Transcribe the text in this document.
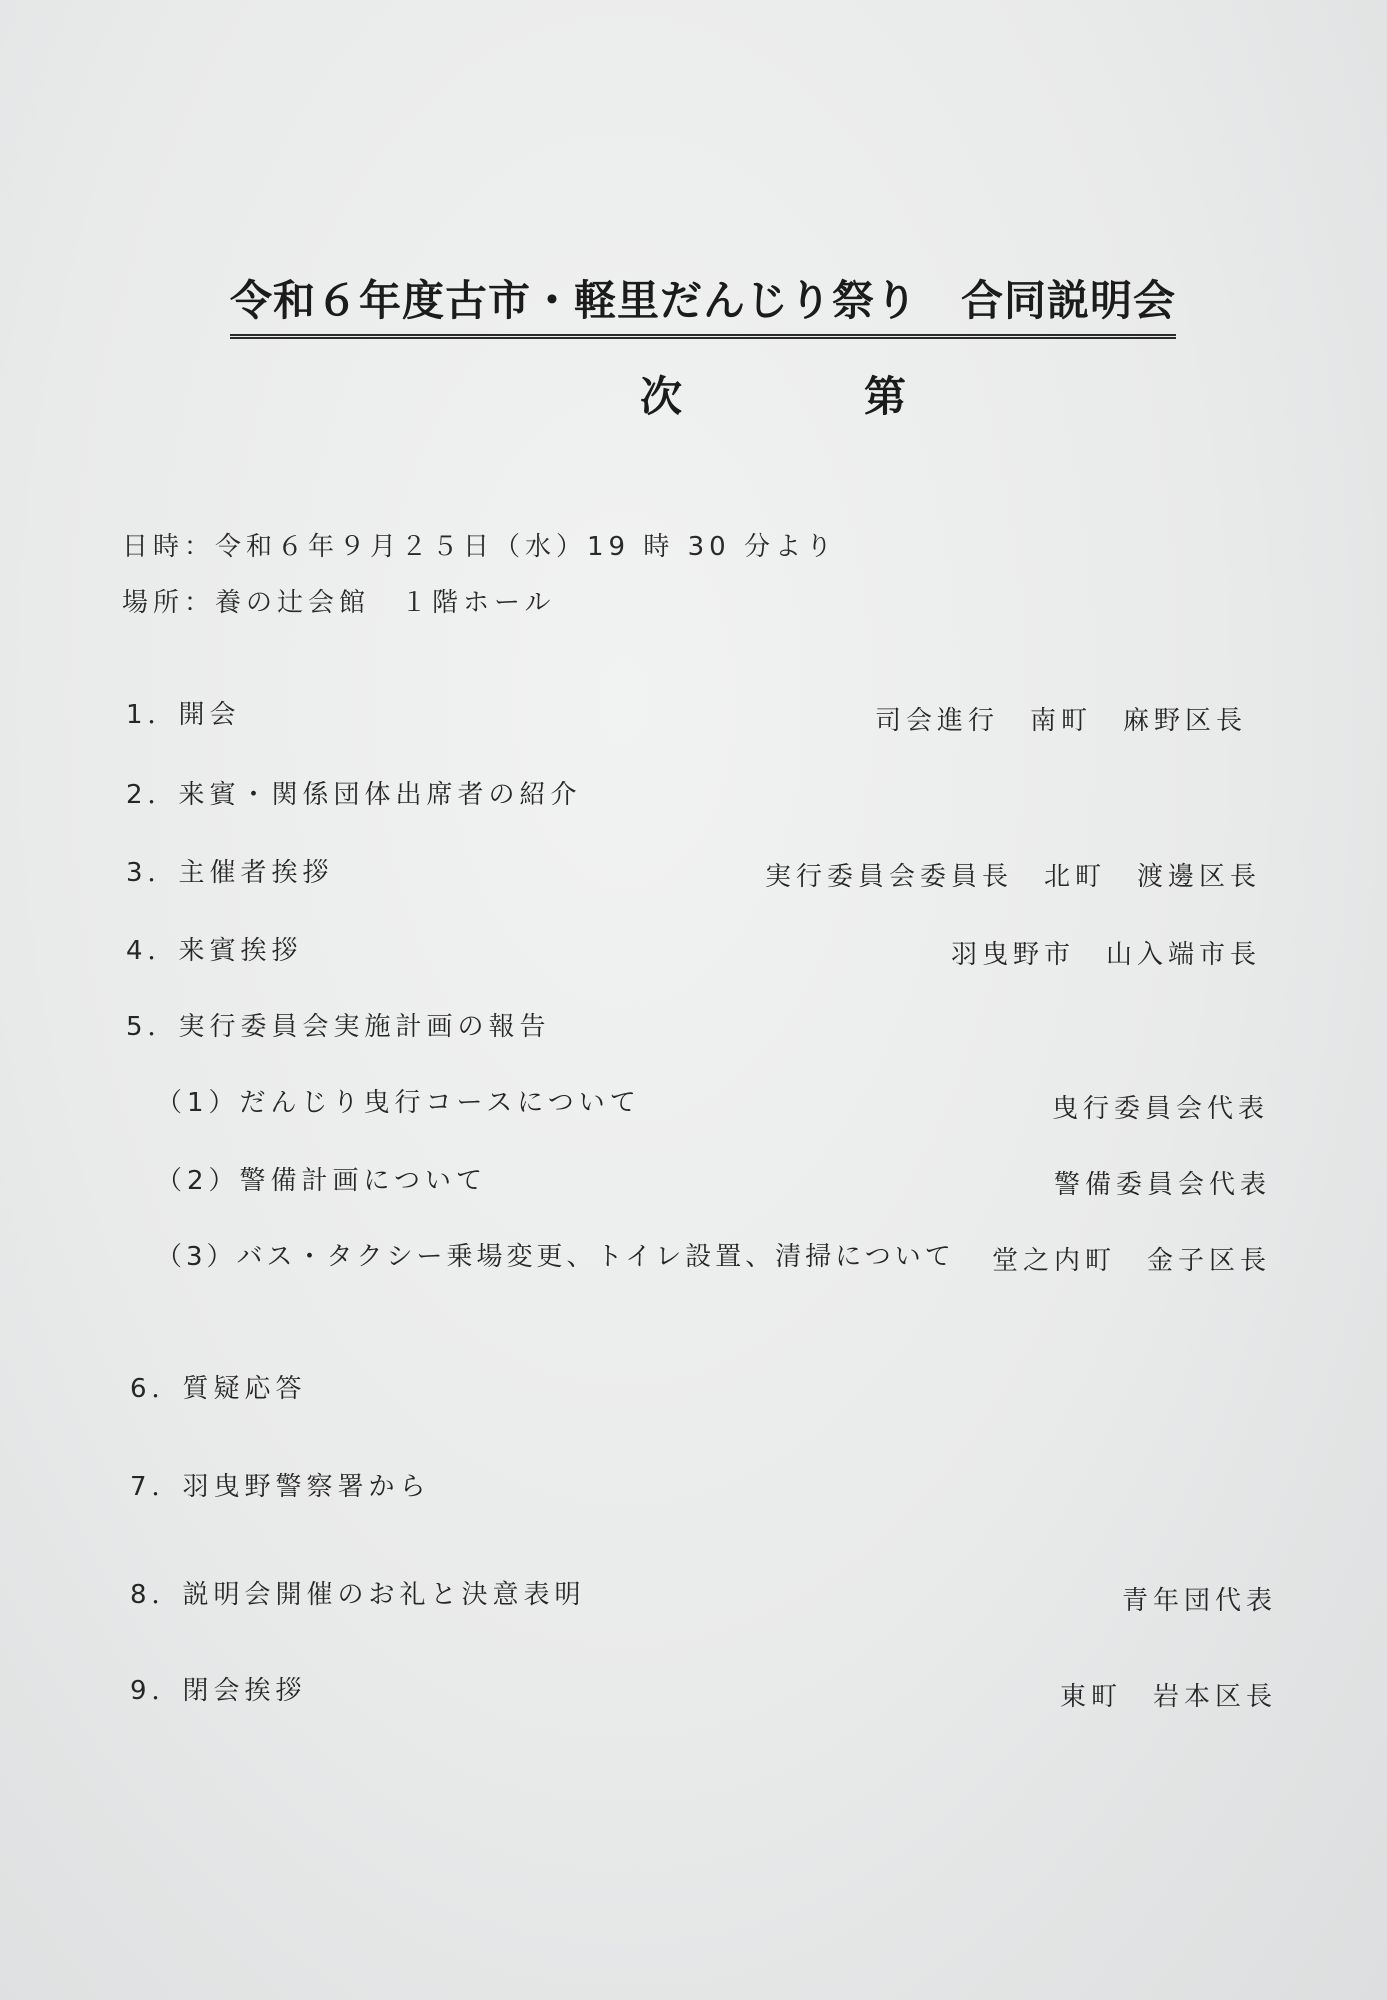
令和６年度古市・軽里だんじり祭り　合同説明会
次　第
日時：令和６年９月２５日（水）19 時 30 分より
場所：養の辻会館　１階ホール
1．開会	司会進行　南町　麻野区長
2．来賓・関係団体出席者の紹介
3．主催者挨拶	実行委員会委員長　北町　渡邊区長
4．来賓挨拶	羽曳野市　山入端市長
5．実行委員会実施計画の報告
（1）だんじり曳行コースについて	曳行委員会代表
（2）警備計画について	警備委員会代表
（3）バス・タクシー乗場変更、トイレ設置、清掃について 堂之内町　金子区長
6．質疑応答
7．羽曳野警察署から
8．説明会開催のお礼と決意表明	青年団代表
9．閉会挨拶	東町　岩本区長
